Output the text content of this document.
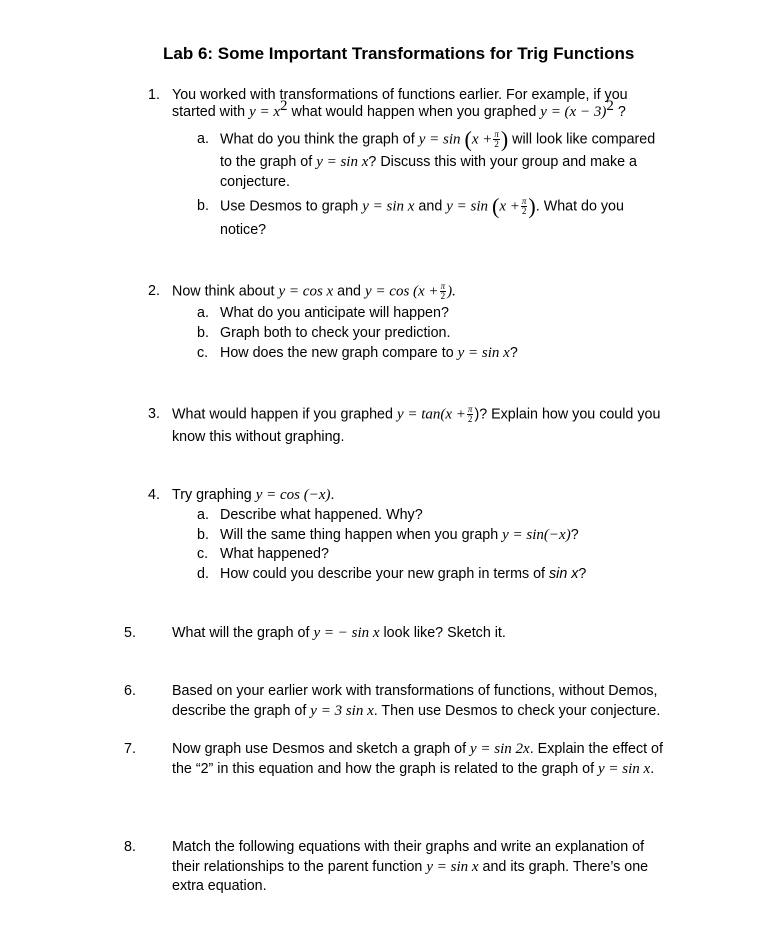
Lab 6: Some Important Transformations for Trig Functions
1. You worked with transformations of functions earlier. For example, if you
started with $y = x^2$ what would happen when you graphed $y = (x - 3)^2$ ?
a. What do you think the graph of $y = \sin (x + \frac{\pi}{2}$ ) will look like compared
to the graph of y = sin x? Discuss this with your group and make a
conjecture.
b. Use Desmos to graph y = sin x and $y = \sin (x + \frac{\pi}{2}$ ). What do you
notice?
2. Now think about y = cos x and $y = \cos (x + \frac{\pi}{2}$ ).
a. What do you anticipate will happen?
b. Graph both to check your prediction.
c. How does the new graph compare to y = sin x?
3. What would happen if you graphed $y = \tan(x + \frac{\pi}{2}$ )? Explain how you could you
know this without graphing.
4. Try graphing y = cos (−x).
a. Describe what happened. Why?
b. Will the same thing happen when you graph y = sin(−x)?
c. What happened?
d. How could you describe your new graph in terms of sin x?
5.	What will the graph of y = − sin x look like? Sketch it.
6.	Based on your earlier work with transformations of functions, without Demos,
describe the graph of y = 3 sin x. Then use Desmos to check your conjecture.
7.	Now graph use Desmos and sketch a graph of y = sin 2x. Explain the effect of
the “2” in this equation and how the graph is related to the graph of y = sin x.
8.	Match the following equations with their graphs and write an explanation of
their relationships to the parent function y = sin x and its graph. There’s one
extra equation.
